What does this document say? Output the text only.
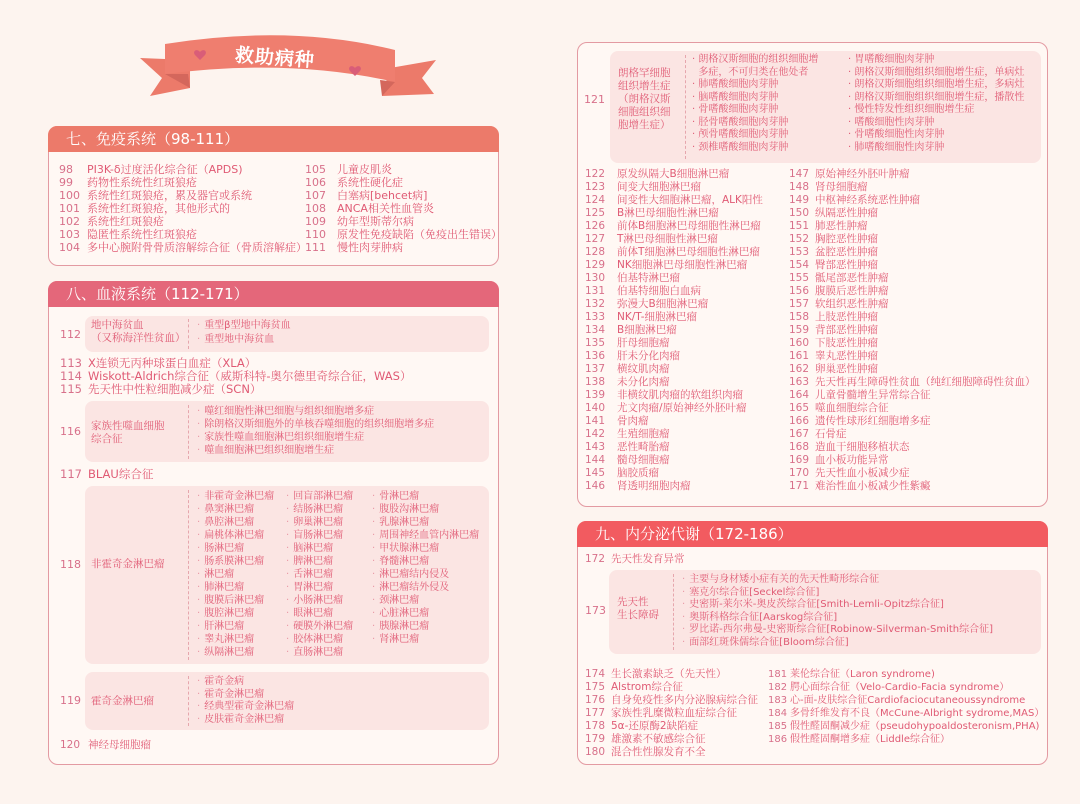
救助病种
七、免疫系统（98-111）
98 PI3K-δ过度活化综合征（APDS)
99 药物性系统性红斑狼疮
100 系统性红斑狼疮，累及器官或系统
101 系统性红斑狼疮，其他形式的
102 系统性红斑狼疮
103 隐匿性系统性红斑狼疮
104 多中心腕附骨骨质溶解综合征（骨质溶解症）
105 儿童皮肌炎
106 系统性硬化症
107 白塞病[behcet病]
108 ANCA相关性血管炎
109 幼年型斯蒂尔病
110 原发性免疫缺陷（免疫出生错误）
111 慢性肉芽肿病
八、血液系统（112-171）
112
地中海贫血
（又称海洋性贫血）
· 重型β型地中海贫血
· 重型地中海贫血
113 X连锁无丙种球蛋白血症（XLA）
114 Wiskott-Aldrich综合征（威斯科特-奥尔德里奇综合征，WAS）
115 先天性中性粒细胞减少症（SCN）
116 家族性噬血细胞
综合征
· 噬红细胞性淋巴细胞与组织细胞增多症
· 除朗格汉斯细胞外的单核吞噬细胞的组织细胞增多症
· 家族性噬血细胞淋巴组织细胞增生症
· 噬血细胞淋巴组织细胞增生症
117 BLAU综合征
118 非霍奇金淋巴瘤
· 非霍奇金淋巴瘤
· 鼻窦淋巴瘤
· 鼻腔淋巴瘤
· 扁桃体淋巴瘤
· 肠淋巴瘤
· 肠系膜淋巴瘤
· 淋巴瘤
· 肺淋巴瘤
· 腹膜后淋巴瘤
· 腹腔淋巴瘤
· 肝淋巴瘤
· 睾丸淋巴瘤
· 纵隔淋巴瘤
· 回盲部淋巴瘤
· 结肠淋巴瘤
· 卵巢淋巴瘤
· 盲肠淋巴瘤
· 脑淋巴瘤
· 脾淋巴瘤
· 舌淋巴瘤
· 胃淋巴瘤
· 小肠淋巴瘤
· 眼淋巴瘤
· 硬膜外淋巴瘤
· 胶体淋巴瘤
· 直肠淋巴瘤
· 骨淋巴瘤
· 腹股沟淋巴瘤
· 乳腺淋巴瘤
· 周围神经血管内淋巴瘤
· 甲状腺淋巴瘤
· 脊髓淋巴瘤
· 淋巴瘤结内侵及
· 淋巴瘤结外侵及
· 颈淋巴瘤
· 心脏淋巴瘤
· 胰腺淋巴瘤
· 肾淋巴瘤
119 霍奇金淋巴瘤
· 霍奇金病
· 霍奇金淋巴瘤
· 经典型霍奇金淋巴瘤
· 皮肤霍奇金淋巴瘤
120 神经母细胞瘤
121
朗格罕细胞
组织增生症
（朗格汉斯
细胞组织细
胞增生症）
· 朗格汉斯细胞的组织细胞增
多症，不可归类在他处者
· 肺嗜酸细胞肉芽肿
· 脑嗜酸细胞肉芽肿
· 骨嗜酸细胞肉芽肿
· 胫骨嗜酸细胞肉芽肿
· 颅骨嗜酸细胞肉芽肿
· 颈椎嗜酸细胞肉芽肿
· 胃嗜酸细胞肉芽肿
· 朗格汉斯细胞组织细胞增生症，单病灶
· 朗格汉斯细胞组织细胞增生症，多病灶
· 朗格汉斯细胞组织细胞增生症，播散性
· 慢性特发性组织细胞增生症
· 嗜酸细胞性肉芽肿
· 骨嗜酸细胞性肉芽肿
· 肺嗜酸细胞性肉芽肿
122 原发纵隔大B细胞淋巴瘤
123 间变大细胞淋巴瘤
124 间变性大细胞淋巴瘤，ALK阳性
125 B淋巴母细胞性淋巴瘤
126 前体B细胞淋巴母细胞性淋巴瘤
127 T淋巴母细胞性淋巴瘤
128 前体T细胞淋巴母细胞性淋巴瘤
129 NK细胞淋巴母细胞性淋巴瘤
130 伯基特淋巴瘤
131 伯基特细胞白血病
132 弥漫大B细胞淋巴瘤
133 NK/T-细胞淋巴瘤
134 B细胞淋巴瘤
135 肝母细胞瘤
136 肝未分化肉瘤
137 横纹肌肉瘤
138 未分化肉瘤
139 非横纹肌肉瘤的软组织肉瘤
140 尤文肉瘤/原始神经外胚叶瘤
141 骨肉瘤
142 生殖细胞瘤
143 恶性畸胎瘤
144 髓母细胞瘤
145 脑胶质瘤
146 肾透明细胞肉瘤
147 原始神经外胚叶肿瘤
148 肾母细胞瘤
149 中枢神经系统恶性肿瘤
150 纵隔恶性肿瘤
151 肺恶性肿瘤
152 胸腔恶性肿瘤
153 盆腔恶性肿瘤
154 臀部恶性肿瘤
155 骶尾部恶性肿瘤
156 腹膜后恶性肿瘤
157 软组织恶性肿瘤
158 上肢恶性肿瘤
159 背部恶性肿瘤
160 下肢恶性肿瘤
161 睾丸恶性肿瘤
162 卵巢恶性肿瘤
163 先天性再生障碍性贫血（纯红细胞障碍性贫血）
164 儿童骨髓增生异常综合征
165 噬血细胞综合征
166 遗传性球形红细胞增多症
167 石骨症
168 造血干细胞移植状态
169 血小板功能异常
170 先天性血小板减少症
171 难治性血小板减少性紫癜
九、内分泌代谢（172-186）
172 先天性发育异常
173
先天性
生长障碍
· 主要与身材矮小症有关的先天性畸形综合征
· 塞克尔综合征[Seckel综合征]
· 史密斯-莱尔米-奥皮茨综合征[Smith-Lemli-Opitz综合征]
· 奥斯科格综合征[Aarskog综合征]
· 罗比诺-西尔弗曼-史密斯综合征[Robinow-Silverman-Smith综合征]
· 面部红斑侏儒综合征[Bloom综合征]
174 生长激素缺乏（先天性）
175 Alstrom综合征
176 自身免疫性多内分泌腺病综合征
177 家族性乳糜微粒血症综合征
178 5α-还原酶2缺陷症
179 雄激素不敏感综合征
180 混合性性腺发育不全
181 莱伦综合征（Laron syndrome)
182 腭心面综合征（Velo-Cardio-Facia syndrome）
183 心-面-皮肤综合征Cardiofaciocutaneoussyndrome
184 多骨纤维发育不良（McCune-Albright sydrome,MAS）
185 假性醛固酮减少症（pseudohypoaldosteronism,PHA)
186 假性醛固酮增多症（Liddle综合征）
